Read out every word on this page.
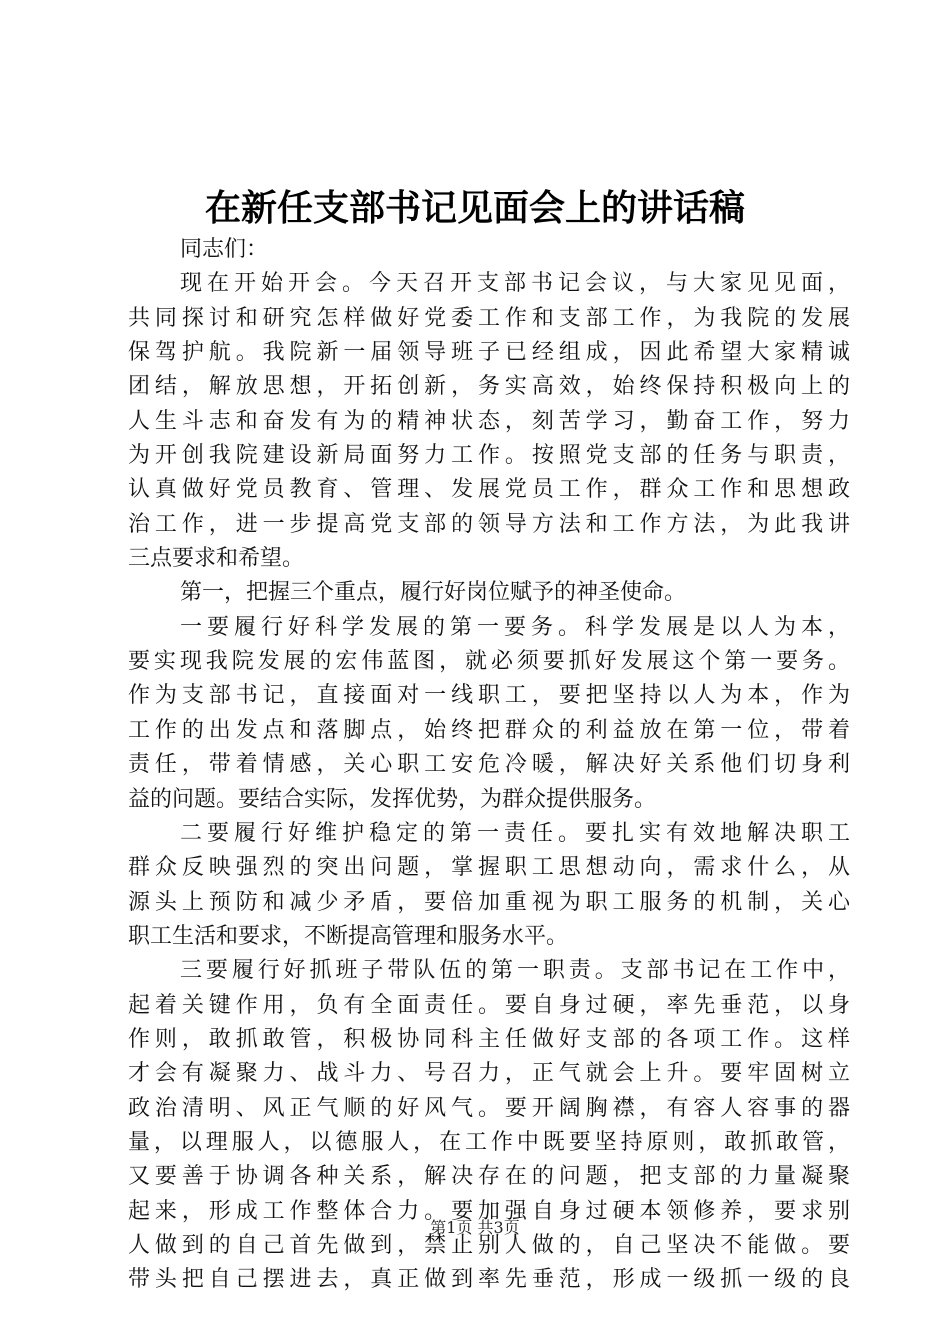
在新任支部书记见面会上的讲话稿
同志们：
现在开始开会。今天召开支部书记会议，与大家见见面，
共同探讨和研究怎样做好党委工作和支部工作，为我院的发展
保驾护航。我院新一届领导班子已经组成，因此希望大家精诚
团结，解放思想，开拓创新，务实高效，始终保持积极向上的
人生斗志和奋发有为的精神状态，刻苦学习，勤奋工作，努力
为开创我院建设新局面努力工作。按照党支部的任务与职责，
认真做好党员教育、管理、发展党员工作，群众工作和思想政
治工作，进一步提高党支部的领导方法和工作方法，为此我讲
三点要求和希望。
第一，把握三个重点，履行好岗位赋予的神圣使命。
一要履行好科学发展的第一要务。科学发展是以人为本，
要实现我院发展的宏伟蓝图，就必须要抓好发展这个第一要务。
作为支部书记，直接面对一线职工，要把坚持以人为本，作为
工作的出发点和落脚点，始终把群众的利益放在第一位，带着
责任，带着情感，关心职工安危冷暖，解决好关系他们切身利
益的问题。要结合实际，发挥优势，为群众提供服务。
二要履行好维护稳定的第一责任。要扎实有效地解决职工
群众反映强烈的突出问题，掌握职工思想动向，需求什么，从
源头上预防和减少矛盾，要倍加重视为职工服务的机制，关心
职工生活和要求，不断提高管理和服务水平。
三要履行好抓班子带队伍的第一职责。支部书记在工作中，
起着关键作用，负有全面责任。要自身过硬，率先垂范，以身
作则，敢抓敢管，积极协同科主任做好支部的各项工作。这样
才会有凝聚力、战斗力、号召力，正气就会上升。要牢固树立
政治清明、风正气顺的好风气。要开阔胸襟，有容人容事的器
量，以理服人，以德服人，在工作中既要坚持原则，敢抓敢管，
又要善于协调各种关系，解决存在的问题，把支部的力量凝聚
起来，形成工作整体合力。要加强自身过硬本领修养，要求别
人做到的自己首先做到，禁止别人做的，自己坚决不能做。要
带头把自己摆进去，真正做到率先垂范，形成一级抓一级的良
第1页 共3页
